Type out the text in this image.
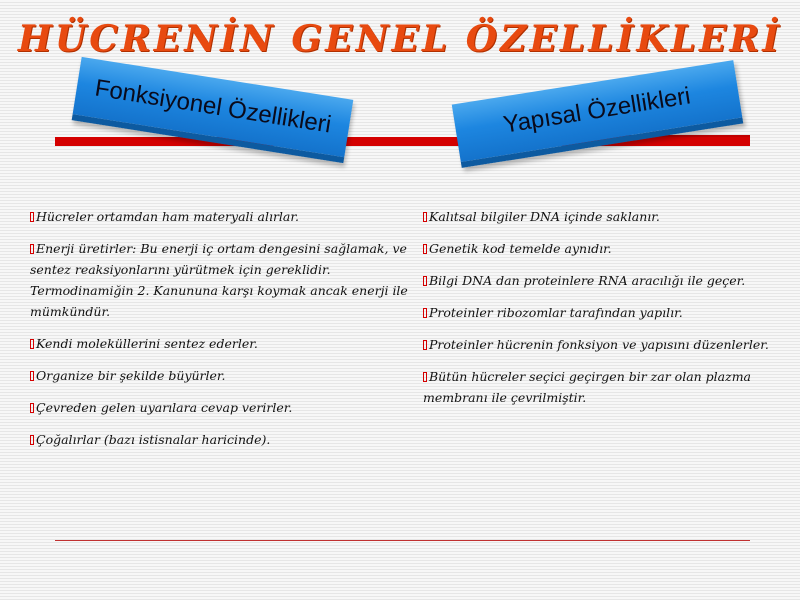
HÜCRENİN GENEL ÖZELLİKLERİ
Fonksiyonel Özellikleri	Yapısal Özellikleri
Hücreler ortamdan ham materyali alırlar.
Enerji üretirler: Bu enerji iç ortam dengesini sağlamak, ve sentez reaksiyonlarını yürütmek için gereklidir. Termodinamiğin 2. Kanununa karşı koymak ancak enerji ile mümkündür.
Kendi moleküllerini sentez ederler.
Organize bir şekilde büyürler.
Çevreden gelen uyarılara cevap verirler.
Çoğalırlar (bazı istisnalar haricinde).
Kalıtsal bilgiler DNA içinde saklanır.
Genetik kod temelde aynıdır.
Bilgi DNA dan proteinlere RNA aracılığı ile geçer.
Proteinler ribozomlar tarafından yapılır.
Proteinler hücrenin fonksiyon ve yapısını düzenlerler.
Bütün hücreler seçici geçirgen bir zar olan plazma membranı ile çevrilmiştir.
